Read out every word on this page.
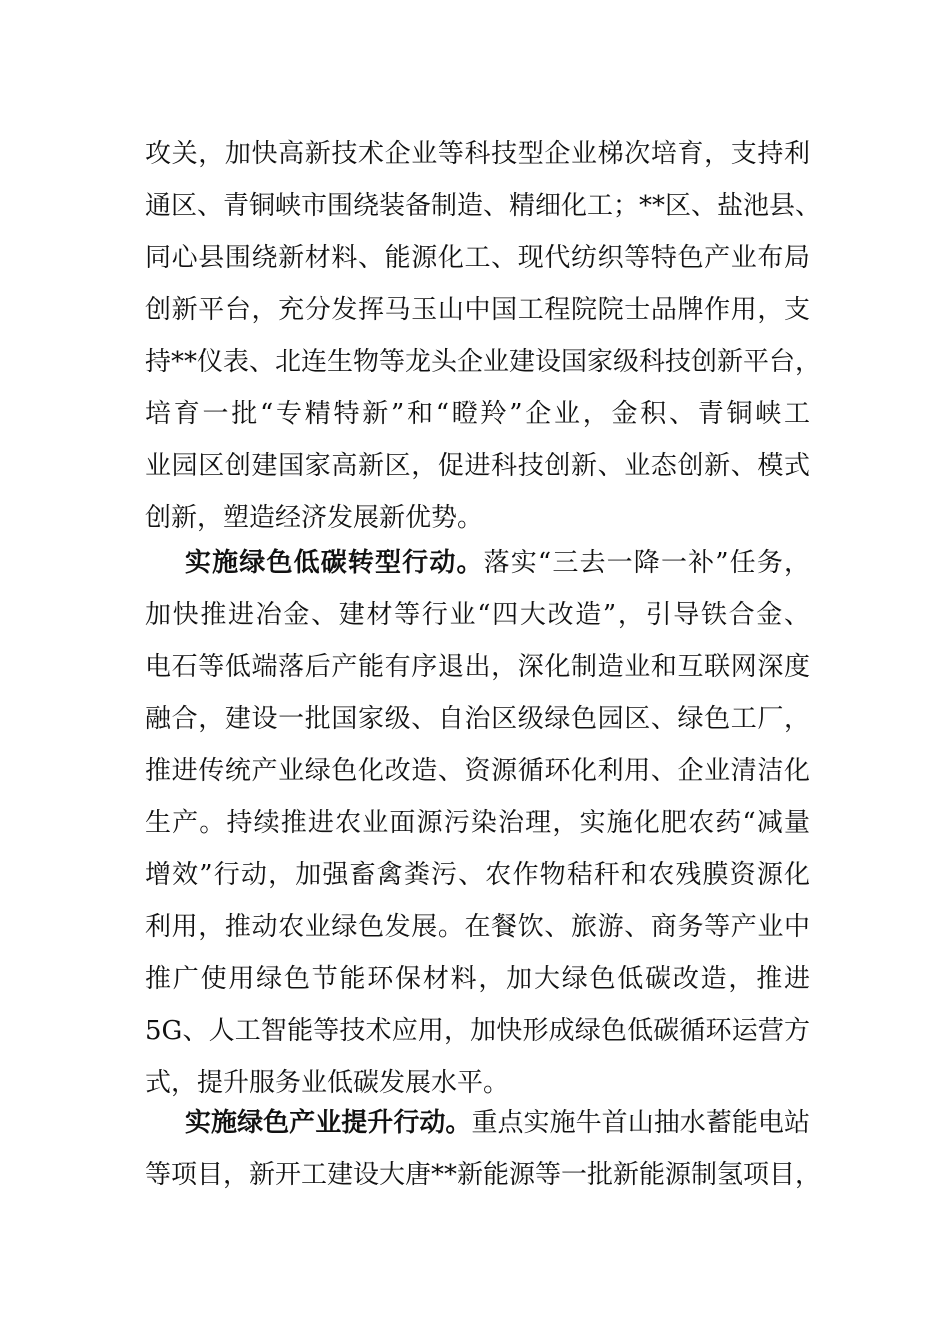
攻关，加快高新技术企业等科技型企业梯次培育，支持利
通区、青铜峡市围绕装备制造、精细化工；**区、盐池县、
同心县围绕新材料、能源化工、现代纺织等特色产业布局
创新平台，充分发挥马玉山中国工程院院士品牌作用，支
持**仪表、北连生物等龙头企业建设国家级科技创新平台，
培育一批“专精特新”和“瞪羚”企业，金积、青铜峡工
业园区创建国家高新区，促进科技创新、业态创新、模式
创新，塑造经济发展新优势。
实施绿色低碳转型行动。落实“三去一降一补”任务，
加快推进冶金、建材等行业“四大改造”，引导铁合金、
电石等低端落后产能有序退出，深化制造业和互联网深度
融合，建设一批国家级、自治区级绿色园区、绿色工厂，
推进传统产业绿色化改造、资源循环化利用、企业清洁化
生产。持续推进农业面源污染治理，实施化肥农药“减量
增效”行动，加强畜禽粪污、农作物秸秆和农残膜资源化
利用，推动农业绿色发展。在餐饮、旅游、商务等产业中
推广使用绿色节能环保材料，加大绿色低碳改造，推进
5G、人工智能等技术应用，加快形成绿色低碳循环运营方
式，提升服务业低碳发展水平。
实施绿色产业提升行动。重点实施牛首山抽水蓄能电站
等项目，新开工建设大唐**新能源等一批新能源制氢项目，
